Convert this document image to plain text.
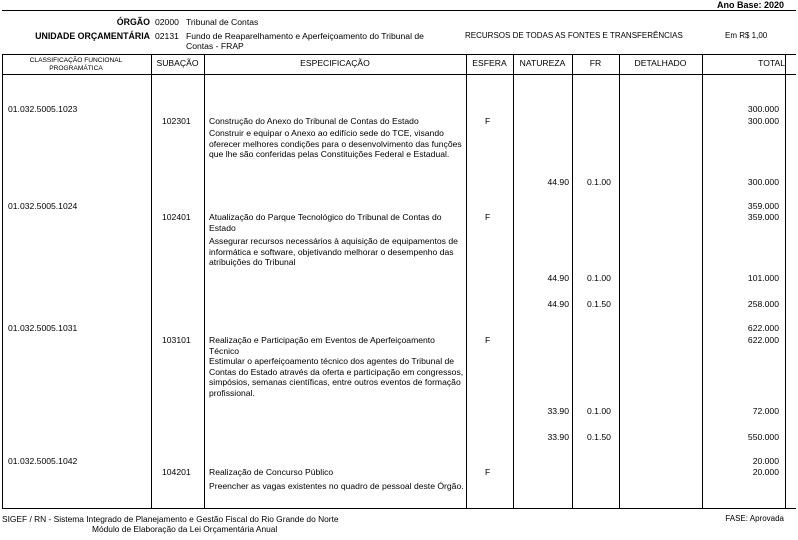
Ano Base: 2020
ÓRGÃO 02000 Tribunal de Contas
UNIDADE ORÇAMENTÁRIA 02131 Fundo de Reaparelhamento e Aperfeiçoamento do Tribunal de Contas - FRAP
RECURSOS DE TODAS AS FONTES E TRANSFERÊNCIAS	Em R$ 1,00
CLASSIFICAÇÃO FUNCIONAL PROGRAMÁTICA
SUBAÇÃO	ESPECIFICAÇÃO	ESFERA	NATUREZA	FR	DETALHADO	TOTAL
01.032.5005.1023	300.000
102301 Construção do Anexo do Tribunal de Contas do Estado	F	300.000
Construir e equipar o Anexo ao edifício sede do TCE, visando oferecer melhores condições para o desenvolvimento das funções que lhe são conferidas pelas Constituições Federal e Estadual.
44.90 0.1.00	300.000
01.032.5005.1024	359.000
102401 Atualização do Parque Tecnológico do Tribunal de Contas do Estado
F	359.000
Assegurar recursos necessários à aquisição de equipamentos de informática e software, objetivando melhorar o desempenho das atribuições do Tribunal
44.90 0.1.00	101.000
44.90 0.1.50	258.000
01.032.5005.1031	622.000
103101 Realização e Participação em Eventos de Aperfeiçoamento Técnico
F	622.000
Estimular o aperfeiçoamento técnico dos agentes do Tribunal de Contas do Estado através da oferta e participação em congressos, simpósios, semanas científicas, entre outros eventos de formação profissional.
33.90 0.1.00	72.000
33.90 0.1.50	550.000
01.032.5005.1042	20.000
104201 Realização de Concurso Público	F	20.000
Preencher as vagas existentes no quadro de pessoal deste Órgão.
SIGEF / RN - Sistema Integrado de Planejamento e Gestão Fiscal do Rio Grande do Norte
Módulo de Elaboração da Lei Orçamentária Anual
FASE: Aprovada
